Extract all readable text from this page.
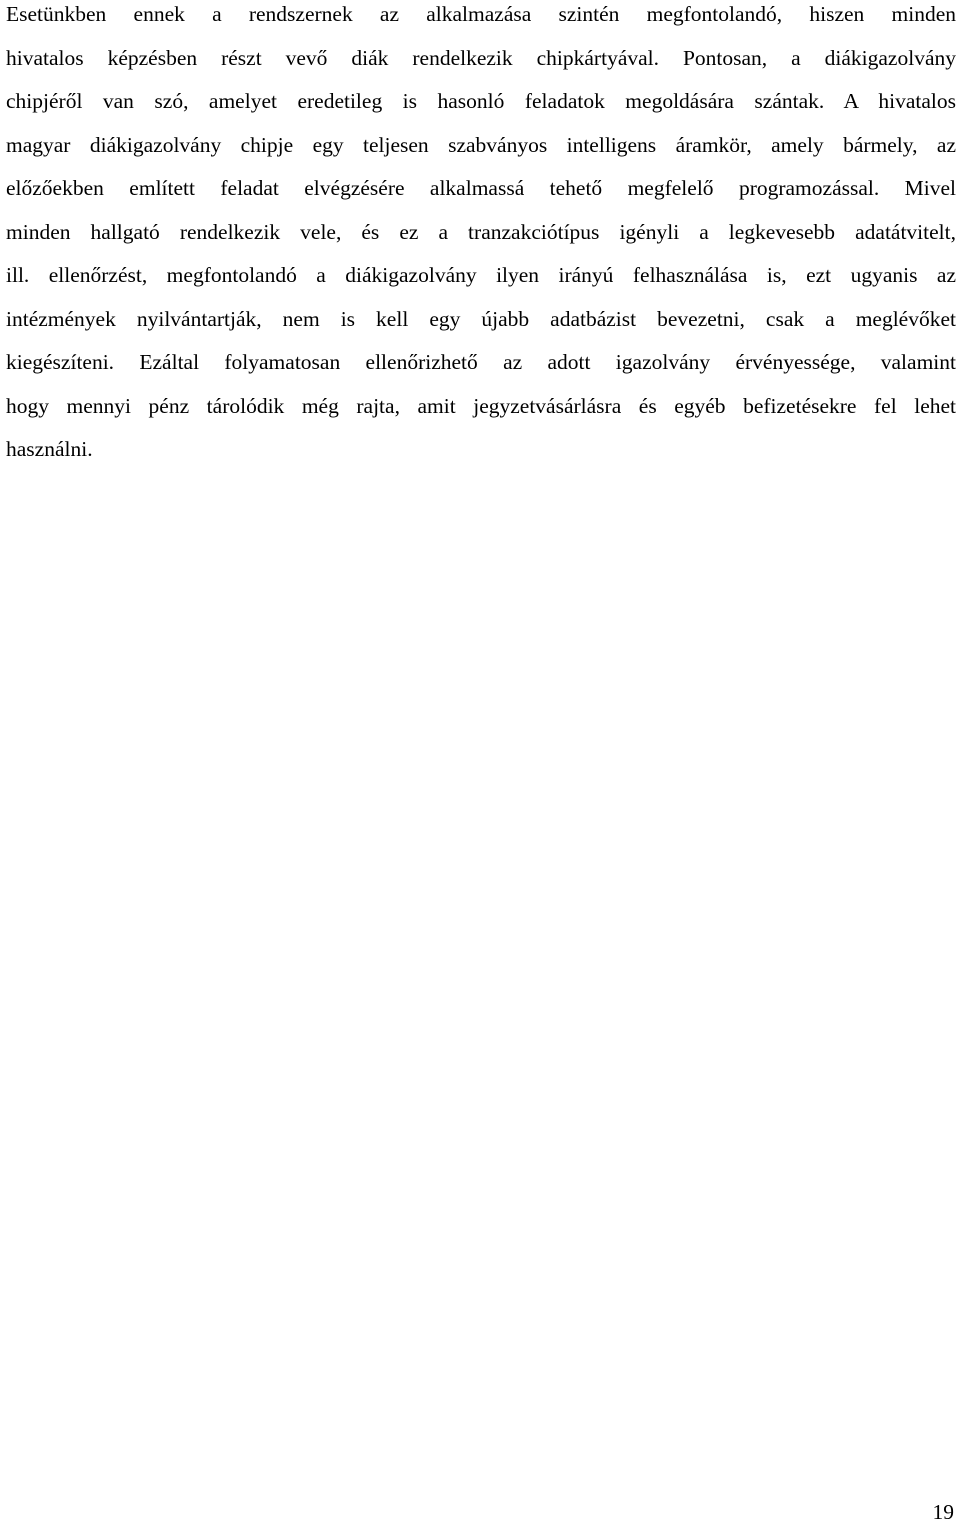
Esetünkben ennek a rendszernek az alkalmazása szintén megfontolandó, hiszen minden
hivatalos képzésben részt vevő diák rendelkezik chipkártyával. Pontosan, a diákigazolvány
chipjéről van szó, amelyet eredetileg is hasonló feladatok megoldására szántak. A hivatalos
magyar diákigazolvány chipje egy teljesen szabványos intelligens áramkör, amely bármely, az
előzőekben említett feladat elvégzésére alkalmassá tehető megfelelő programozással. Mivel
minden hallgató rendelkezik vele, és ez a tranzakciótípus igényli a legkevesebb adatátvitelt,
ill. ellenőrzést, megfontolandó a diákigazolvány ilyen irányú felhasználása is, ezt ugyanis az
intézmények nyilvántartják, nem is kell egy újabb adatbázist bevezetni, csak a meglévőket
kiegészíteni. Ezáltal folyamatosan ellenőrizhető az adott igazolvány érvényessége, valamint
hogy mennyi pénz tárolódik még rajta, amit jegyzetvásárlásra és egyéb befizetésekre fel lehet
használni.
19
